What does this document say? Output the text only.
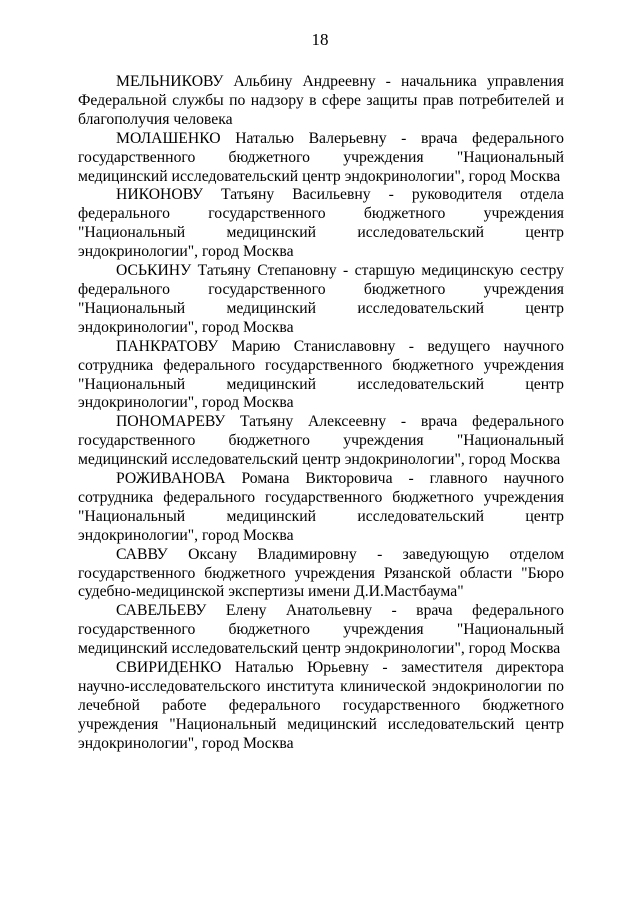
18

МЕЛЬНИКОВУ Альбину Андреевну - начальника управления Федеральной службы по надзору в сфере защиты прав потребителей и благополучия человека

МОЛАШЕНКО Наталью Валерьевну - врача федерального государственного бюджетного учреждения "Национальный медицинский исследовательский центр эндокринологии", город Москва

НИКОНОВУ Татьяну Васильевну - руководителя отдела федерального государственного бюджетного учреждения "Национальный медицинский исследовательский центр эндокринологии", город Москва

ОСЬКИНУ Татьяну Степановну - старшую медицинскую сестру федерального государственного бюджетного учреждения "Национальный медицинский исследовательский центр эндокринологии", город Москва

ПАНКРАТОВУ Марию Станиславовну - ведущего научного сотрудника федерального государственного бюджетного учреждения "Национальный медицинский исследовательский центр эндокринологии", город Москва

ПОНОМАРЕВУ Татьяну Алексеевну - врача федерального государственного бюджетного учреждения "Национальный медицинский исследовательский центр эндокринологии", город Москва

РОЖИВАНОВА Романа Викторовича - главного научного сотрудника федерального государственного бюджетного учреждения "Национальный медицинский исследовательский центр эндокринологии", город Москва

САВВУ Оксану Владимировну - заведующую отделом государственного бюджетного учреждения Рязанской области "Бюро судебно-медицинской экспертизы имени Д.И.Мастбаума"

САВЕЛЬЕВУ Елену Анатольевну - врача федерального государственного бюджетного учреждения "Национальный медицинский исследовательский центр эндокринологии", город Москва

СВИРИДЕНКО Наталью Юрьевну - заместителя директора научно-исследовательского института клинической эндокринологии по лечебной работе федерального государственного бюджетного учреждения "Национальный медицинский исследовательский центр эндокринологии", город Москва
